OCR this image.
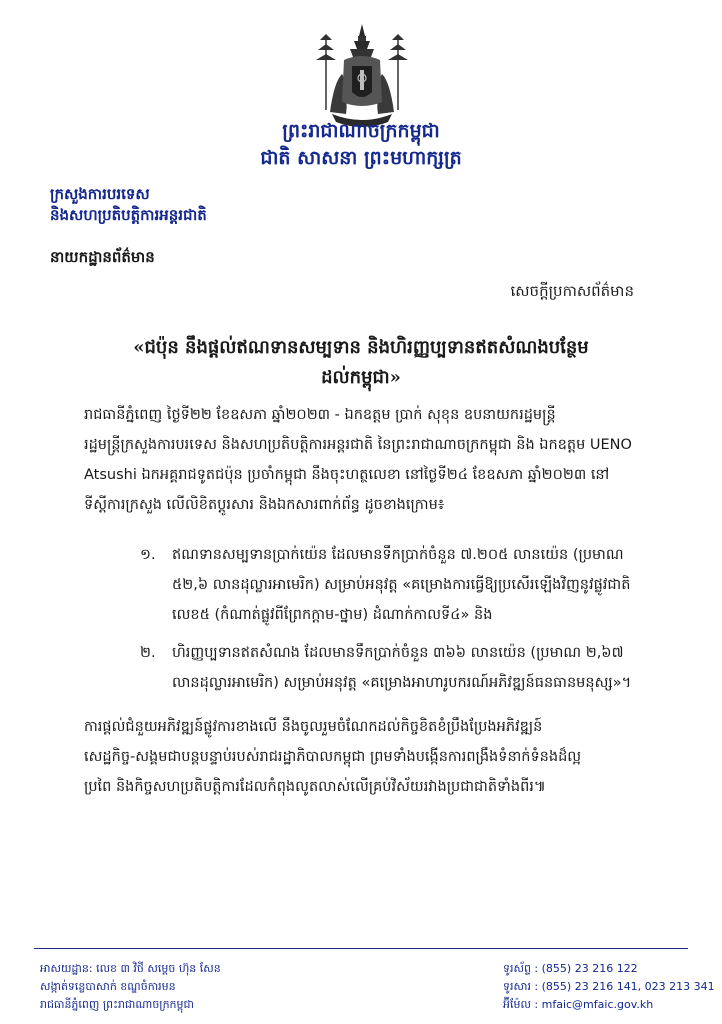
ព្រះរាជាណាចក្រកម្ពុជា
ជាតិ សាសនា ព្រះមហាក្សត្រ
ក្រសួងការបរទេស
និងសហប្រតិបត្តិការអន្តរជាតិ
នាយកដ្ឋានព័ត៌មាន
សេចក្តីប្រកាសព័ត៌មាន
«ជប៉ុន នឹងផ្តល់ឥណទានសម្បទាន និងហិរញ្ញប្បទានឥតសំណងបន្ថែម
ដល់កម្ពុជា»
រាជធានីភ្នំពេញ ថ្ងៃទី២២ ខែឧសភា ឆ្នាំ២០២៣ - ឯកឧត្តម ប្រាក់ សុខុន ឧបនាយករដ្ឋមន្ត្រី
រដ្ឋមន្ត្រីក្រសួងការបរទេស និងសហប្រតិបត្តិការអន្តរជាតិ នៃព្រះរាជាណាចក្រកម្ពុជា និង ឯកឧត្តម UENO
Atsushi ឯកអគ្គរាជទូតជប៉ុន ប្រចាំកម្ពុជា នឹងចុះហត្ថលេខា នៅថ្ងៃទី២៤ ខែឧសភា ឆ្នាំ២០២៣ នៅ
ទីស្តីការក្រសួង លើលិខិតប្តូរសារ និងឯកសារពាក់ព័ន្ធ ដូចខាងក្រោម៖
១. ឥណទានសម្បទានប្រាក់យ៉េន ដែលមានទឹកប្រាក់ចំនួន ៧.២០៥ លានយ៉េន (ប្រមាណ
៥២,៦ លានដុល្លារអាមេរិក) សម្រាប់អនុវត្ត «គម្រោងការធ្វើឱ្យប្រសើរឡើងវិញនូវផ្លូវជាតិ
លេខ៥ (កំណាត់ផ្លូវពីព្រែកក្តាម-ថ្នាម) ដំណាក់កាលទី៤» និង
២. ហិរញ្ញប្បទានឥតសំណង ដែលមានទឹកប្រាក់ចំនួន ៣៦៦ លានយ៉េន (ប្រមាណ ២,៦៧
លានដុល្លារអាមេរិក) សម្រាប់អនុវត្ត «គម្រោងអាហារូបករណ៍អភិវឌ្ឍន៍ធនធានមនុស្ស»។
ការផ្តល់ជំនួយអភិវឌ្ឍន៍ផ្លូវការខាងលើ នឹងចូលរួមចំណែកដល់កិច្ចខិតខំប្រឹងប្រែងអភិវឌ្ឍន៍
សេដ្ឋកិច្ច-សង្គមជាបន្តបន្ទាប់របស់រាជរដ្ឋាភិបាលកម្ពុជា ព្រមទាំងបង្កើនការពង្រឹងទំនាក់ទំនងដ៏ល្អ
ប្រពៃ និងកិច្ចសហប្រតិបត្តិការដែលកំពុងលូតលាស់លើគ្រប់វិស័យរវាងប្រជាជាតិទាំងពីរ៕
អាសយដ្ឋាន: លេខ ៣ វិថី សម្តេច ហ៊ុន សែន
សង្កាត់ទន្លេបាសាក់ ខណ្ឌចំការមន
រាជធានីភ្នំពេញ ព្រះរាជាណាចក្រកម្ពុជា
ទូរស័ព្ទ : (855) 23 216 122
ទូរសារ : (855) 23 216 141, 023 213 341
អ៊ីម៉ែល : mfaic@mfaic.gov.kh
